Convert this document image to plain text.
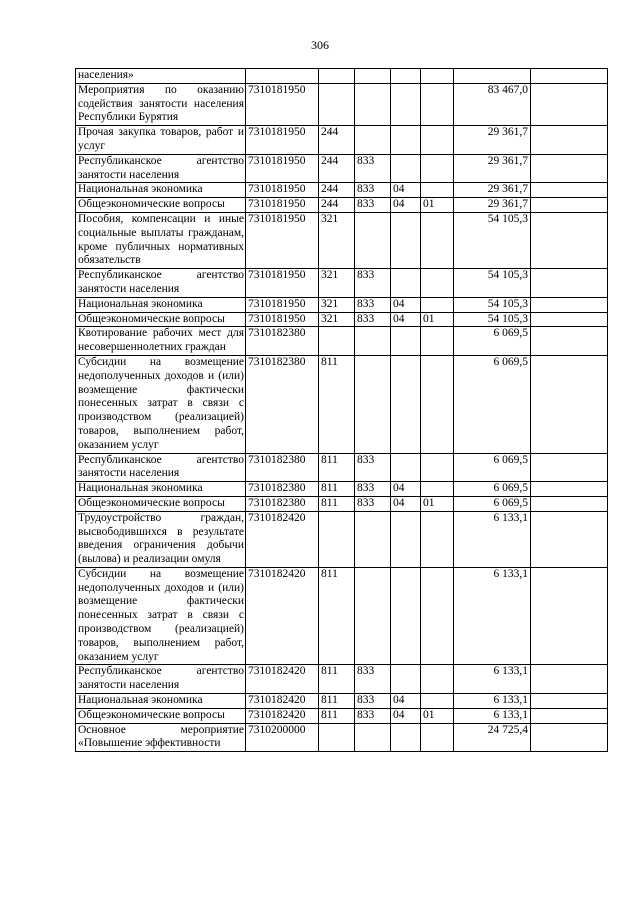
306
населения»							
Мероприятия по оказанию содействия занятости населения Республики Бурятия	7310181950					83 467,0	
Прочая закупка товаров, работ и услуг	7310181950	244				29 361,7	
Республиканское агентство занятости населения	7310181950	244	833			29 361,7	
Национальная экономика	7310181950	244	833	04		29 361,7	
Общеэкономические вопросы	7310181950	244	833	04	01	29 361,7	
Пособия, компенсации и иные социальные выплаты гражданам, кроме публичных нормативных обязательств	7310181950	321				54 105,3	
Республиканское агентство занятости населения	7310181950	321	833			54 105,3	
Национальная экономика	7310181950	321	833	04		54 105,3	
Общеэкономические вопросы	7310181950	321	833	04	01	54 105,3	
Квотирование рабочих мест для несовершеннолетних граждан	7310182380					6 069,5	
Субсидии на возмещение недополученных доходов и (или) возмещение фактически понесенных затрат в связи с производством (реализацией) товаров, выполнением работ, оказанием услуг	7310182380	811				6 069,5	
Республиканское агентство занятости населения	7310182380	811	833			6 069,5	
Национальная экономика	7310182380	811	833	04		6 069,5	
Общеэкономические вопросы	7310182380	811	833	04	01	6 069,5	
Трудоустройство граждан, высвободившихся в результате введения ограничения добычи (вылова) и реализации омуля	7310182420					6 133,1	
Субсидии на возмещение недополученных доходов и (или) возмещение фактически понесенных затрат в связи с производством (реализацией) товаров, выполнением работ, оказанием услуг	7310182420	811				6 133,1	
Республиканское агентство занятости населения	7310182420	811	833			6 133,1	
Национальная экономика	7310182420	811	833	04		6 133,1	
Общеэкономические вопросы	7310182420	811	833	04	01	6 133,1	
Основное мероприятие «Повышение эффективности	7310200000					24 725,4	
